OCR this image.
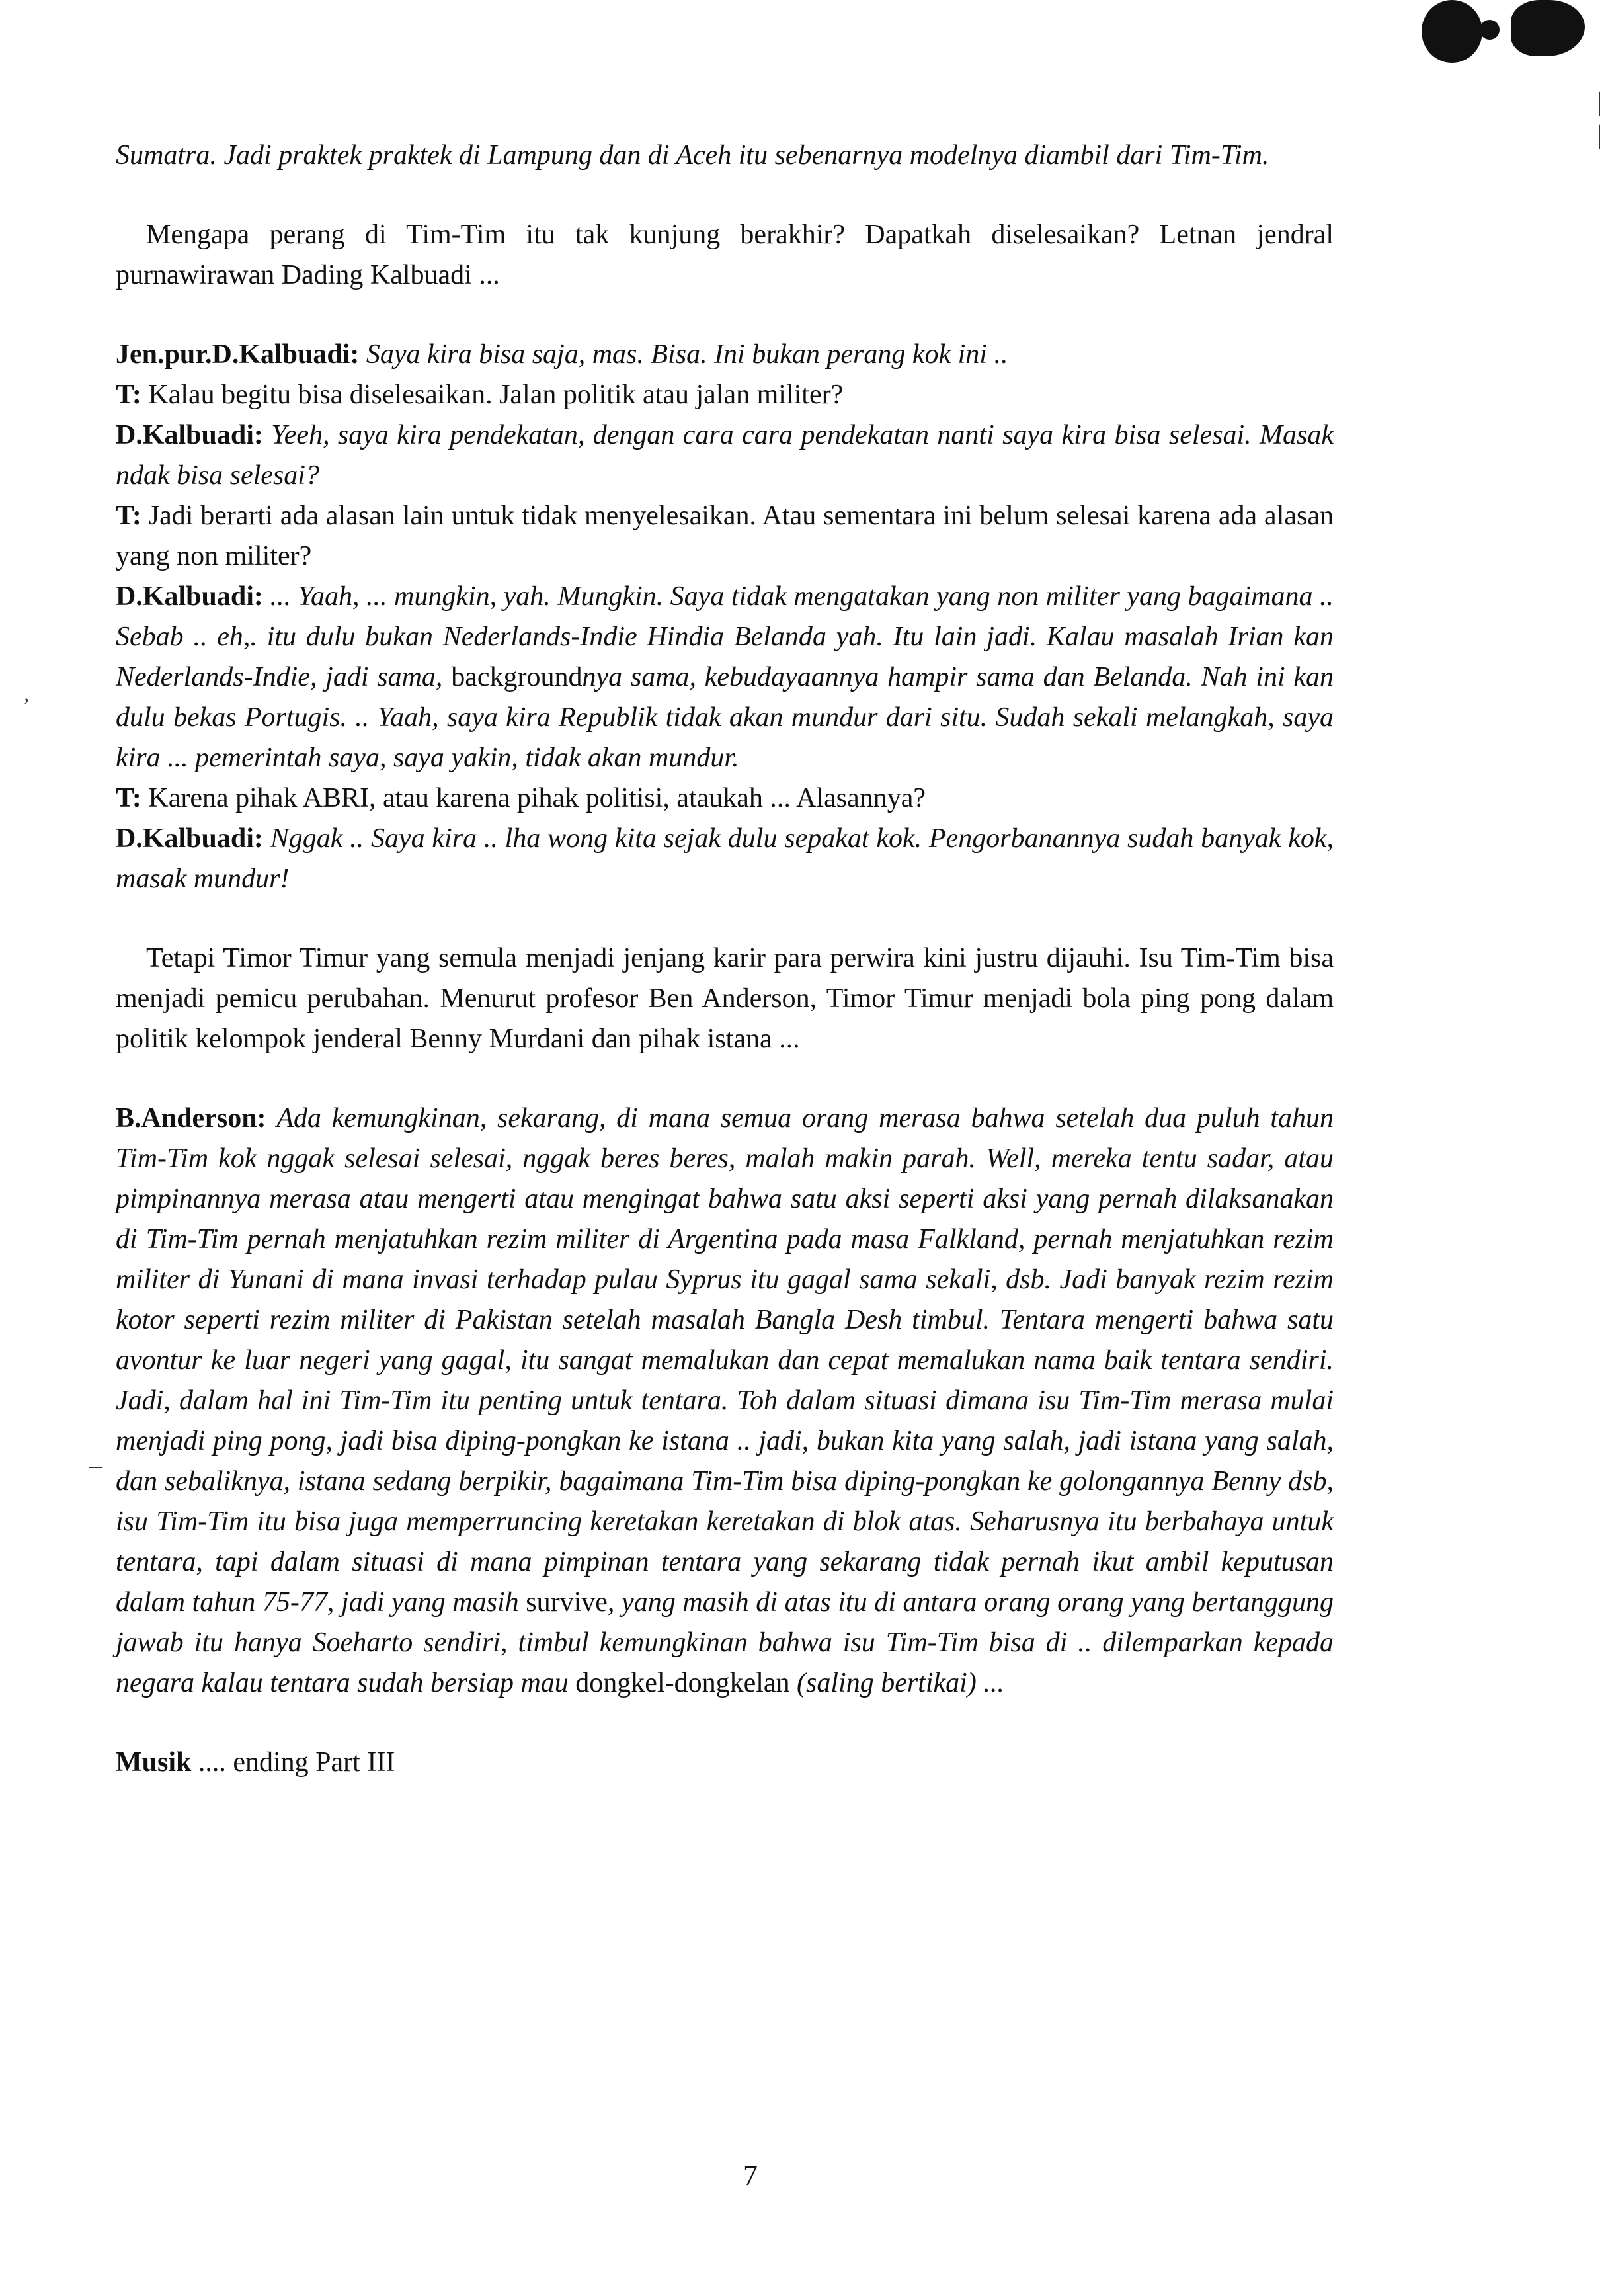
|
|
’
_

Sumatra. Jadi praktek praktek di Lampung dan di Aceh itu sebenarnya modelnya diambil dari Tim-Tim.

Mengapa perang di Tim-Tim itu tak kunjung berakhir? Dapatkah diselesaikan? Letnan jendral purnawirawan Dading Kalbuadi ...

Jen.pur.D.Kalbuadi: Saya kira bisa saja, mas. Bisa. Ini bukan perang kok ini ..

T: Kalau begitu bisa diselesaikan. Jalan politik atau jalan militer?

D.Kalbuadi: Yeeh, saya kira pendekatan, dengan cara cara pendekatan nanti saya kira bisa selesai. Masak ndak bisa selesai?

T: Jadi berarti ada alasan lain untuk tidak menyelesaikan. Atau sementara ini belum selesai karena ada alasan yang non militer?

D.Kalbuadi: ... Yaah, ... mungkin, yah. Mungkin. Saya tidak mengatakan yang non militer yang bagaimana .. Sebab .. eh,. itu dulu bukan Nederlands-Indie Hindia Belanda yah. Itu lain jadi. Kalau masalah Irian kan Nederlands-Indie, jadi sama, backgroundnya sama, kebudayaannya hampir sama dan Belanda. Nah ini kan dulu bekas Portugis. .. Yaah, saya kira Republik tidak akan mundur dari situ. Sudah sekali melangkah, saya kira ... pemerintah saya, saya yakin, tidak akan mundur.

T: Karena pihak ABRI, atau karena pihak politisi, ataukah ... Alasannya?

D.Kalbuadi: Nggak .. Saya kira .. lha wong kita sejak dulu sepakat kok. Pengorbanannya sudah banyak kok, masak mundur!

Tetapi Timor Timur yang semula menjadi jenjang karir para perwira kini justru dijauhi. Isu Tim-Tim bisa menjadi pemicu perubahan. Menurut profesor Ben Anderson, Timor Timur menjadi bola ping pong dalam politik kelompok jenderal Benny Murdani dan pihak istana ...

B.Anderson: Ada kemungkinan, sekarang, di mana semua orang merasa bahwa setelah dua puluh tahun Tim-Tim kok nggak selesai selesai, nggak beres beres, malah makin parah. Well, mereka tentu sadar, atau pimpinannya merasa atau mengerti atau mengingat bahwa satu aksi seperti aksi yang pernah dilaksanakan di Tim-Tim pernah menjatuhkan rezim militer di Argentina pada masa Falkland, pernah menjatuhkan rezim militer di Yunani di mana invasi terhadap pulau Syprus itu gagal sama sekali, dsb. Jadi banyak rezim rezim kotor seperti rezim militer di Pakistan setelah masalah Bangla Desh timbul. Tentara mengerti bahwa satu avontur ke luar negeri yang gagal, itu sangat memalukan dan cepat memalukan nama baik tentara sendiri. Jadi, dalam hal ini Tim-Tim itu penting untuk tentara. Toh dalam situasi dimana isu Tim-Tim merasa mulai menjadi ping pong, jadi bisa diping-pongkan ke istana .. jadi, bukan kita yang salah, jadi istana yang salah, dan sebaliknya, istana sedang berpikir, bagaimana Tim-Tim bisa diping-pongkan ke golongannya Benny dsb, isu Tim-Tim itu bisa juga memperruncing keretakan keretakan di blok atas. Seharusnya itu berbahaya untuk tentara, tapi dalam situasi di mana pimpinan tentara yang sekarang tidak pernah ikut ambil keputusan dalam tahun 75-77, jadi yang masih survive, yang masih di atas itu di antara orang orang yang bertanggung jawab itu hanya Soeharto sendiri, timbul kemungkinan bahwa isu Tim-Tim bisa di .. dilemparkan kepada negara kalau tentara sudah bersiap mau dongkel-dongkelan (saling bertikai) ...

Musik .... ending Part III

7
